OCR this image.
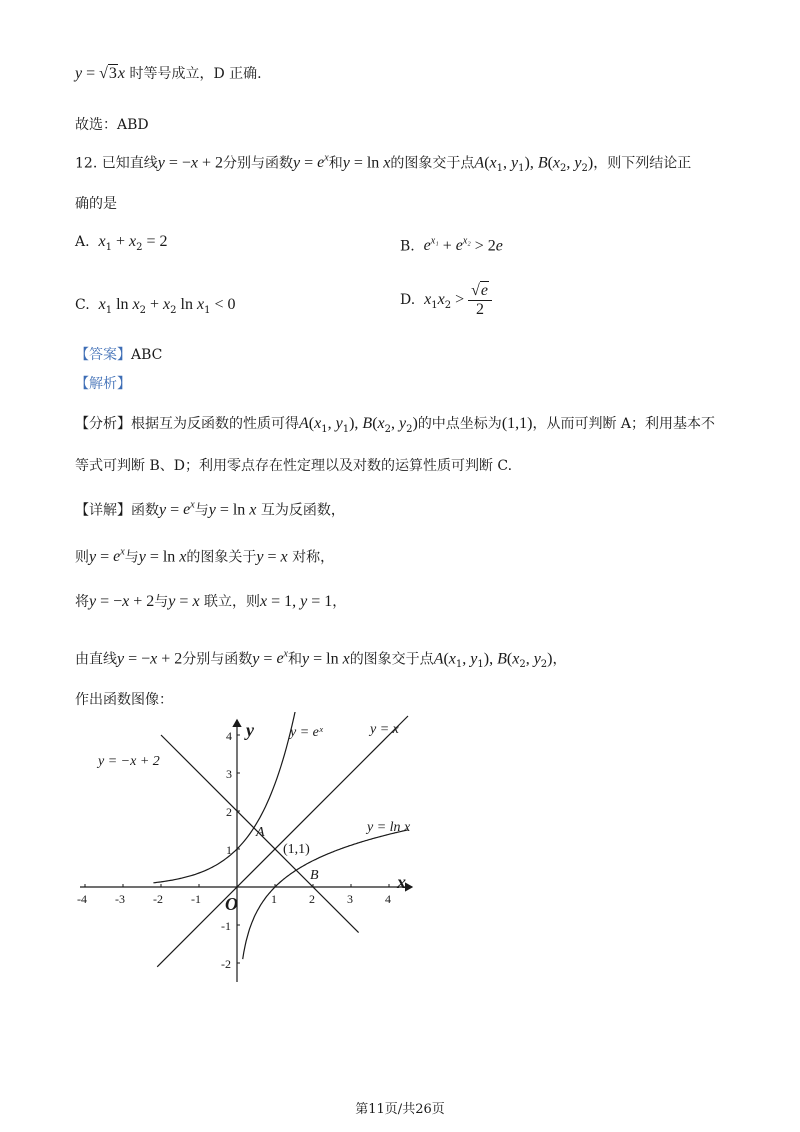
y = √3x 时等号成立，D 正确.
故选：ABD
12. 已知直线y = −x + 2分别与函数$y = e^x$和y = ln x的图象交于点$A(x_1$, $y_1$), $B(x_2$, $y_2$)，则下列结论正
确的是
A. $x_1 + x_2 = 2$	B. $e^{x_1} + e^{x_2} > 2e$
C. $x_1$ $\ln x_2 + x_2$ $\ln x_1 < 0$	D. $x_1x_2 > \frac{√e}{2}$
【答案】ABC
【解析】
【分析】根据互为反函数的性质可得$A(x_1$, $y_1$), $B(x_2$, $y_2$)的中点坐标为(1,1)，从而可判断 A；利用基本不
等式可判断 B、D；利用零点存在性定理以及对数的运算性质可判断 C.
【详解】函数$y = e^x$与y = ln x 互为反函数，
则$y = e^x$与y = ln x的图象关于y = x 对称，
将y = −x + 2与y = x 联立，则x = 1, y = 1，
由直线y = −x + 2分别与函数$y = e^x$和y = ln x的图象交于点$A(x_1$, $y_1$), $B(x_2$, $y_2$)，
作出函数图像：
-4 -3 -2 -1	1	2	3	4
4
3
2
1
-1
-2
y = −x + 2
y = eˣ	y = x
y = ln x
A
B
(1,1)
O
x
y
第11页/共26页
